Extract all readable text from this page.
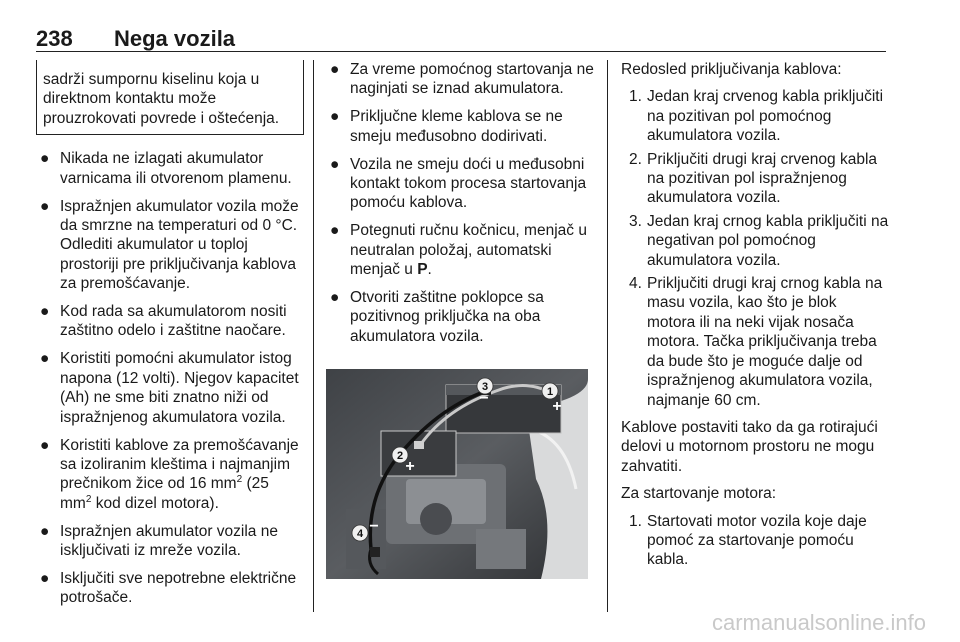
238 Nega vozila
sadrži sumpornu kiselinu koja u direktnom kontaktu može prouzrokovati povrede i oštećenja.
● Nikada ne izlagati akumulator varnicama ili otvorenom plamenu.
● Ispražnjen akumulator vozila može da smrzne na temperaturi od 0 °C. Odlediti akumulator u toploj prostoriji pre priključivanja kablova za premošćavanje.
● Kod rada sa akumulatorom nositi zaštitno odelo i zaštitne naočare.
● Koristiti pomoćni akumulator istog napona (12 volti). Njegov kapacitet (Ah) ne sme biti znatno niži od ispražnjenog akumulatora vozila.
● Koristiti kablove za premošćavanje sa izoliranim kleštima i najmanjim prečnikom žice od 16 $mm^2$ (25 $mm^2$ kod dizel motora).
● Ispražnjen akumulator vozila ne isključivati iz mreže vozila.
● Isključiti sve nepotrebne električne potrošače.
● Za vreme pomoćnog startovanja ne naginjati se iznad akumulatora.
● Priključne kleme kablova se ne smeju međusobno dodirivati.
● Vozila ne smeju doći u međusobni kontakt tokom procesa startovanja pomoću kablova.
● Potegnuti ručnu kočnicu, menjač u neutralan položaj, automatski menjač u P.
● Otvoriti zaštitne poklopce sa pozitivnog priključka na oba akumulatora vozila.
1
+
2
+
3
−
4 −

Redosled priključivanja kablova:

1. Jedan kraj crvenog kabla priključiti na pozitivan pol pomoćnog akumulatora vozila.
2. Priključiti drugi kraj crvenog kabla na pozitivan pol ispražnjenog akumulatora vozila.
3. Jedan kraj crnog kabla priključiti na negativan pol pomoćnog akumulatora vozila.
4. Priključiti drugi kraj crnog kabla na masu vozila, kao što je blok motora ili na neki vijak nosača motora. Tačka priključivanja treba da bude što je moguće dalje od ispražnjenog akumulatora vozila, najmanje 60 cm.

Kablove postaviti tako da ga rotirajući delovi u motornom prostoru ne mogu zahvatiti.

Za startovanje motora:

1. Startovati motor vozila koje daje pomoć za startovanje pomoću kabla.
carmanualsonline.info
